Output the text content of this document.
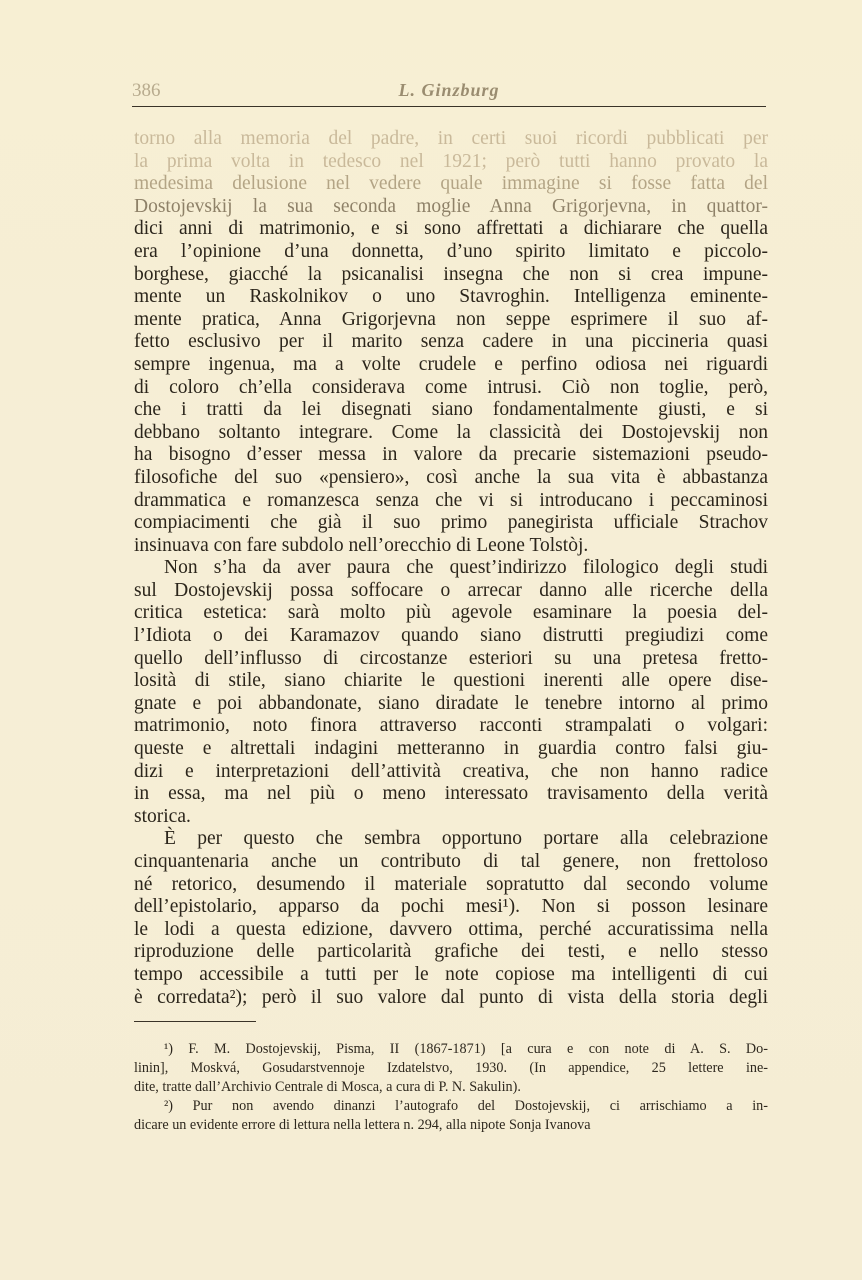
386	L. Ginzburg
torno alla memoria del padre, in certi suoi ricordi pubblicati per
la prima volta in tedesco nel 1921; però tutti hanno provato la
medesima delusione nel vedere quale immagine si fosse fatta del
Dostojevskij la sua seconda moglie Anna Grigorjevna, in quattor-
dici anni di matrimonio, e si sono affrettati a dichiarare che quella
era l’opinione d’una donnetta, d’uno spirito limitato e piccolo-
borghese, giacché la psicanalisi insegna che non si crea impune-
mente un Raskolnikov o uno Stavroghin. Intelligenza eminente-
mente pratica, Anna Grigorjevna non seppe esprimere il suo af-
fetto esclusivo per il marito senza cadere in una piccineria quasi
sempre ingenua, ma a volte crudele e perfino odiosa nei riguardi
di coloro ch’ella considerava come intrusi. Ciò non toglie, però,
che i tratti da lei disegnati siano fondamentalmente giusti, e si
debbano soltanto integrare. Come la classicità dei Dostojevskij non
ha bisogno d’esser messa in valore da precarie sistemazioni pseudo-
filosofiche del suo «pensiero», così anche la sua vita è abbastanza
drammatica e romanzesca senza che vi si introducano i peccaminosi
compiacimenti che già il suo primo panegirista ufficiale Strachov
insinuava con fare subdolo nell’orecchio di Leone Tolstòj.
Non s’ha da aver paura che quest’indirizzo filologico degli studi
sul Dostojevskij possa soffocare o arrecar danno alle ricerche della
critica estetica: sarà molto più agevole esaminare la poesia del-
l’Idiota o dei Karamazov quando siano distrutti pregiudizi come
quello dell’influsso di circostanze esteriori su una pretesa fretto-
losità di stile, siano chiarite le questioni inerenti alle opere dise-
gnate e poi abbandonate, siano diradate le tenebre intorno al primo
matrimonio, noto finora attraverso racconti strampalati o volgari:
queste e altrettali indagini metteranno in guardia contro falsi giu-
dizi e interpretazioni dell’attività creativa, che non hanno radice
in essa, ma nel più o meno interessato travisamento della verità
storica.
È per questo che sembra opportuno portare alla celebrazione
cinquantenaria anche un contributo di tal genere, non frettoloso
né retorico, desumendo il materiale sopratutto dal secondo volume
dell’epistolario, apparso da pochi mesi¹). Non si posson lesinare
le lodi a questa edizione, davvero ottima, perché accuratissima nella
riproduzione delle particolarità grafiche dei testi, e nello stesso
tempo accessibile a tutti per le note copiose ma intelligenti di cui
è corredata²); però il suo valore dal punto di vista della storia degli
¹) F. M. Dostojevskij, Pisma, II (1867-1871) [a cura e con note di A. S. Do-
linin], Moskvá, Gosudarstvennoje Izdatelstvo, 1930. (In appendice, 25 lettere ine-
dite, tratte dall’Archivio Centrale di Mosca, a cura di P. N. Sakulin).
²) Pur non avendo dinanzi l’autografo del Dostojevskij, ci arrischiamo a in-
dicare un evidente errore di lettura nella lettera n. 294, alla nipote Sonja Ivanova
